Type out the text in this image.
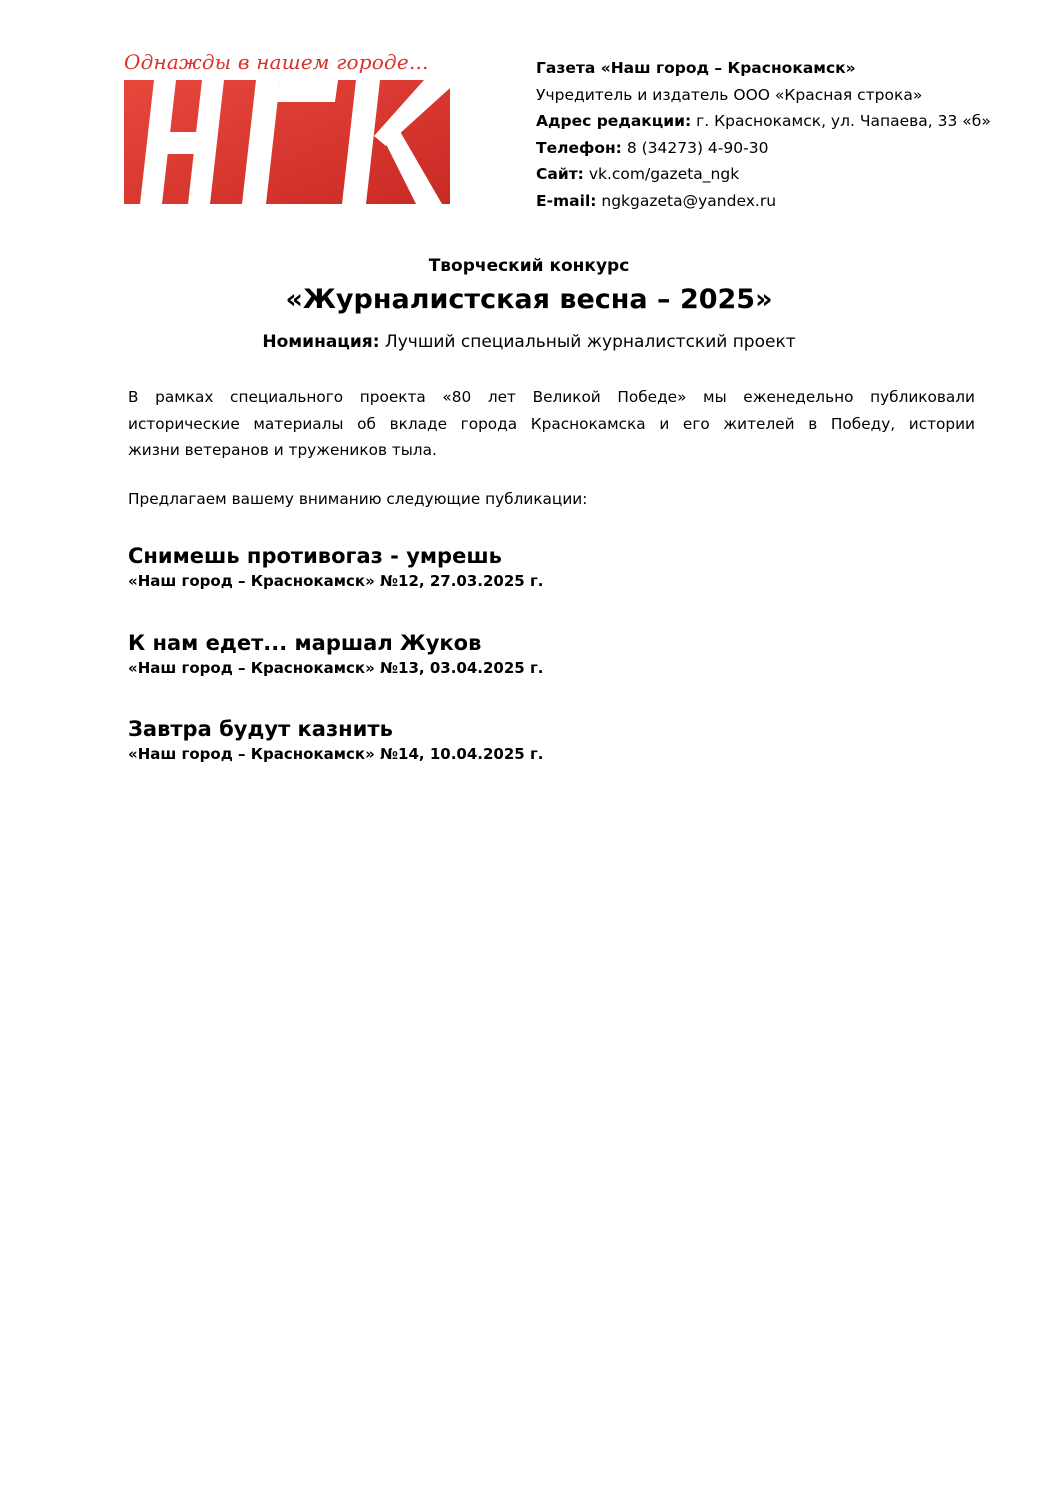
Однажды в нашем городе...	Газета «Наш город – Краснокамск»
Учредитель и издатель ООО «Красная строка»
Адрес редакции: г. Краснокамск, ул. Чапаева, 33 «б»
Телефон: 8 (34273) 4-90-30
Сайт: vk.com/gazeta_ngk
E-mail: ngkgazeta@yandex.ru
Творческий конкурс
«Журналистская весна – 2025»
Номинация: Лучший специальный журналистский проект
В рамках специального проекта «80 лет Великой Победе» мы еженедельно публиковали
исторические материалы об вкладе города Краснокамска и его жителей в Победу, истории
жизни ветеранов и тружеников тыла.
Предлагаем вашему вниманию следующие публикации:
Снимешь противогаз - умрешь
«Наш город – Краснокамск» №12, 27.03.2025 г.
К нам едет... маршал Жуков
«Наш город – Краснокамск» №13, 03.04.2025 г.
Завтра будут казнить
«Наш город – Краснокамск» №14, 10.04.2025 г.
